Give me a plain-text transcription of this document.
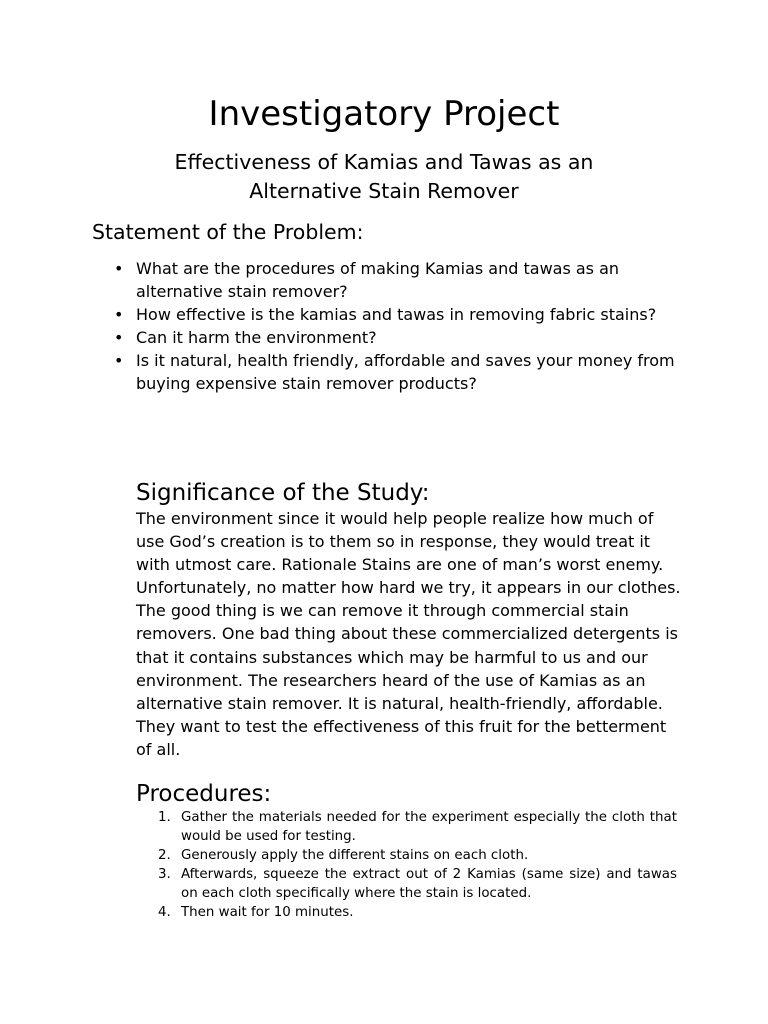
Investigatory Project
Effectiveness of Kamias and Tawas as an
Alternative Stain Remover
Statement of the Problem:
• What are the procedures of making Kamias and tawas as an alternative stain remover?
• How effective is the kamias and tawas in removing fabric stains?
• Can it harm the environment?
• Is it natural, health friendly, affordable and saves your money from buying expensive stain remover products?
Significance of the Study:

The environment since it would help people realize how much of use God’s creation is to them so in response, they would treat it with utmost care. Rationale Stains are one of man’s worst enemy. Unfortunately, no matter how hard we try, it appears in our clothes. The good thing is we can remove it through commercial stain removers. One bad thing about these commercialized detergents is that it contains substances which may be harmful to us and our environment. The researchers heard of the use of Kamias as an alternative stain remover. It is natural, health-friendly, affordable. They want to test the effectiveness of this fruit for the betterment of all.

Procedures:
1. Gather the materials needed for the experiment especially the cloth that would be used for testing.
2. Generously apply the different stains on each cloth.
3. Afterwards, squeeze the extract out of 2 Kamias (same size) and tawas on each cloth specifically where the stain is located.
4. Then wait for 10 minutes.
